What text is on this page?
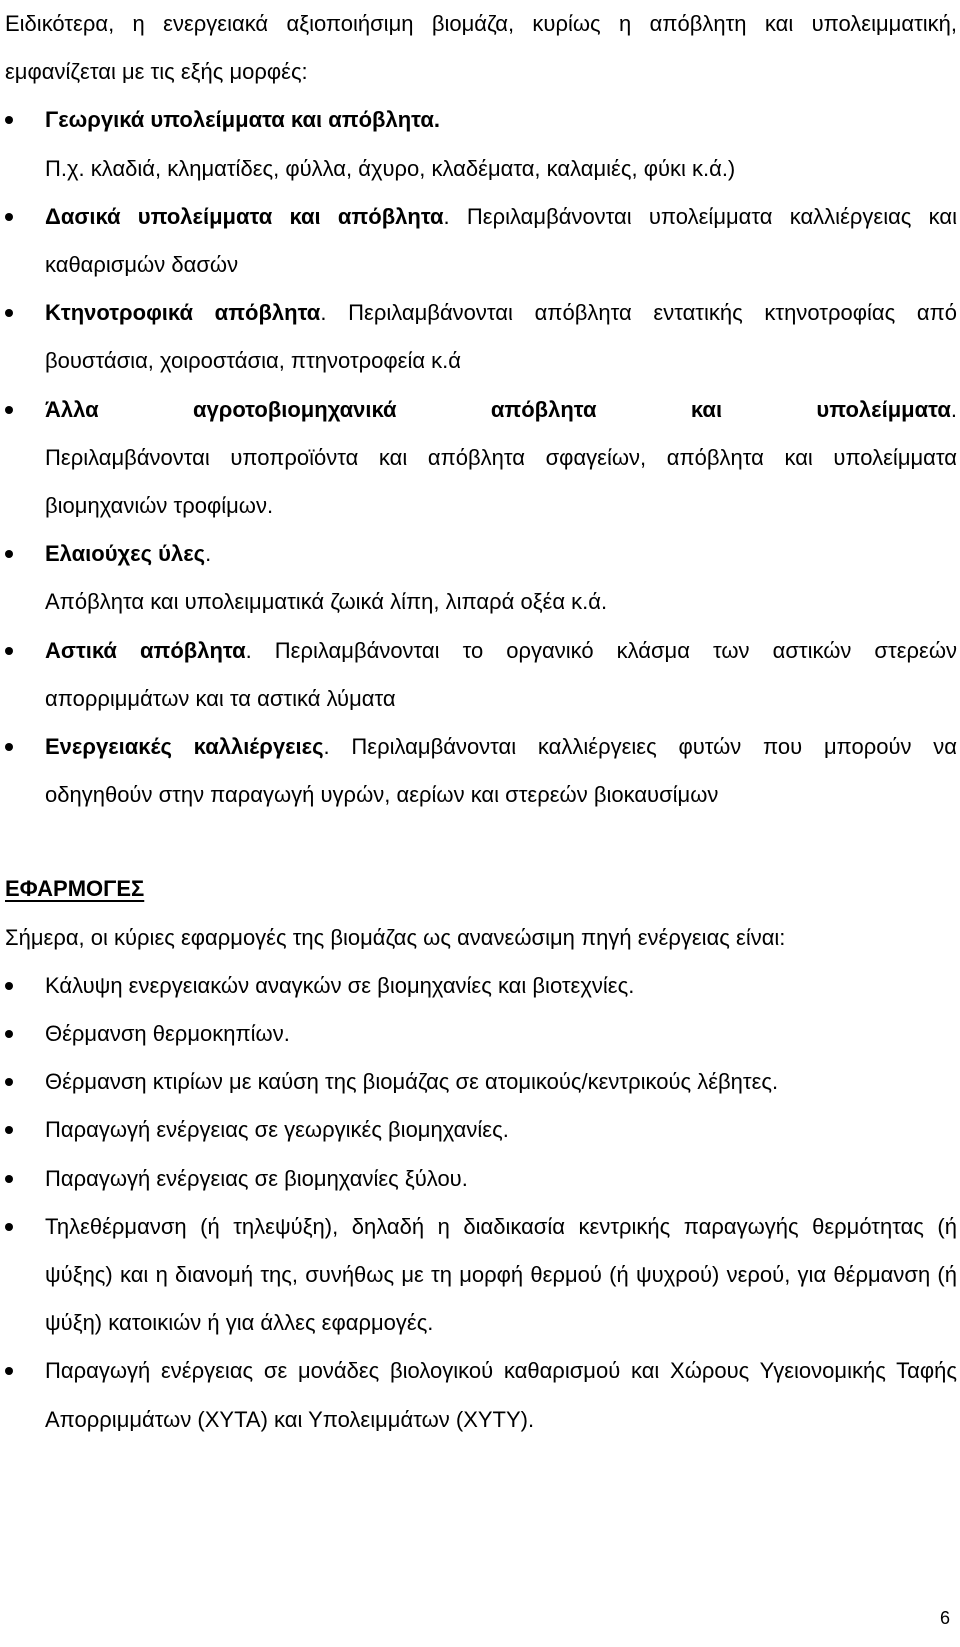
Ειδικότερα, η ενεργειακά αξιοποιήσιμη βιομάζα, κυρίως η απόβλητη και υπολειμματική, εμφανίζεται με τις εξής μορφές:

Γεωργικά υπολείμματα και απόβλητα.
Π.χ. κλαδιά, κληματίδες, φύλλα, άχυρο, κλαδέματα, καλαμιές, φύκι κ.ά.)
Δασικά υπολείμματα και απόβλητα. Περιλαμβάνονται υπολείμματα καλλιέργειας και καθαρισμών δασών
Κτηνοτροφικά απόβλητα. Περιλαμβάνονται απόβλητα εντατικής κτηνοτροφίας από βουστάσια, χοιροστάσια, πτηνοτροφεία κ.ά
Άλλα αγροτοβιομηχανικά απόβλητα και υπολείμματα.
Περιλαμβάνονται υποπροϊόντα και απόβλητα σφαγείων, απόβλητα και υπολείμματα βιομηχανιών τροφίμων.
Ελαιούχες ύλες.
Απόβλητα και υπολειμματικά ζωικά λίπη, λιπαρά οξέα κ.ά.
Αστικά απόβλητα. Περιλαμβάνονται το οργανικό κλάσμα των αστικών στερεών απορριμμάτων και τα αστικά λύματα
Ενεργειακές καλλιέργειες. Περιλαμβάνονται καλλιέργειες φυτών που μπορούν να οδηγηθούν στην παραγωγή υγρών, αερίων και στερεών βιοκαυσίμων

ΕΦΑΡΜΟΓΕΣ

Σήμερα, οι κύριες εφαρμογές της βιομάζας ως ανανεώσιμη πηγή ενέργειας είναι:

Κάλυψη ενεργειακών αναγκών σε βιομηχανίες και βιοτεχνίες.
Θέρμανση θερμοκηπίων.
Θέρμανση κτιρίων με καύση της βιομάζας σε ατομικούς/κεντρικούς λέβητες.
Παραγωγή ενέργειας σε γεωργικές βιομηχανίες.
Παραγωγή ενέργειας σε βιομηχανίες ξύλου.
Τηλεθέρμανση (ή τηλεψύξη), δηλαδή η διαδικασία κεντρικής παραγωγής θερμότητας (ή ψύξης) και η διανομή της, συνήθως με τη μορφή θερμού (ή ψυχρού) νερού, για θέρμανση (ή ψύξη) κατοικιών ή για άλλες εφαρμογές.
Παραγωγή ενέργειας σε μονάδες βιολογικού καθαρισμού και Χώρους Υγειονομικής Ταφής Απορριμμάτων (ΧΥΤΑ) και Υπολειμμάτων (ΧΥΤΥ).
6
